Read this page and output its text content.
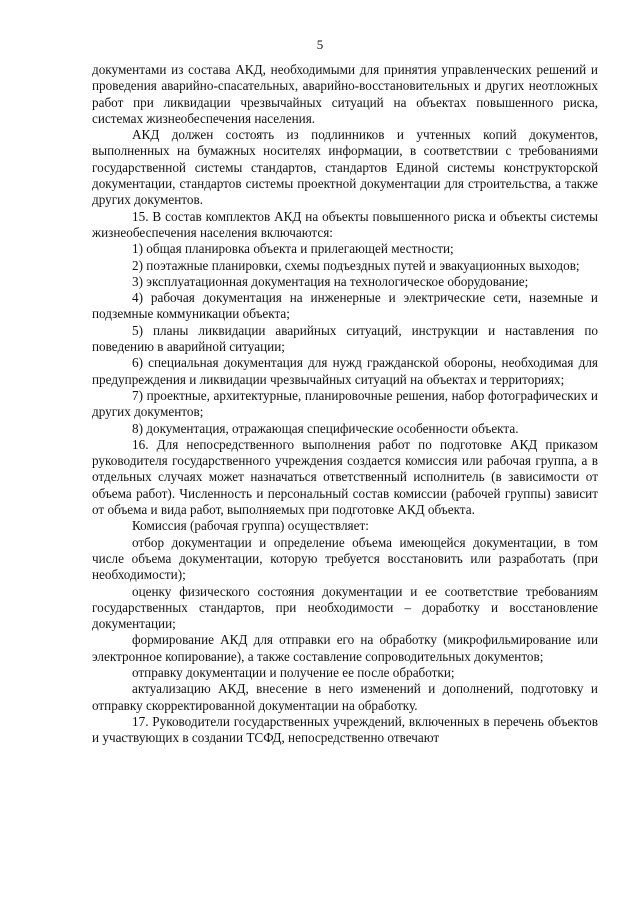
5

документами из состава АКД, необходимыми для принятия управленческих решений и проведения аварийно-спасательных, аварийно-восстановительных и других неотложных работ при ликвидации чрезвычайных ситуаций на объектах повышенного риска, системах жизнеобеспечения населения.

АКД должен состоять из подлинников и учтенных копий документов, выполненных на бумажных носителях информации, в соответствии с требованиями государственной системы стандартов, стандартов Единой системы конструкторской документации, стандартов системы проектной документации для строительства, а также других документов.

15. В состав комплектов АКД на объекты повышенного риска и объекты системы жизнеобеспечения населения включаются:

1) общая планировка объекта и прилегающей местности;

2) поэтажные планировки, схемы подъездных путей и эвакуационных выходов;

3) эксплуатационная документация на технологическое оборудование;

4) рабочая документация на инженерные и электрические сети, наземные и подземные коммуникации объекта;

5) планы ликвидации аварийных ситуаций, инструкции и наставления по поведению в аварийной ситуации;

6) специальная документация для нужд гражданской обороны, необходимая для предупреждения и ликвидации чрезвычайных ситуаций на объектах и территориях;

7) проектные, архитектурные, планировочные решения, набор фотографических и других документов;

8) документация, отражающая специфические особенности объекта.

16. Для непосредственного выполнения работ по подготовке АКД приказом руководителя государственного учреждения создается комиссия или рабочая группа, а в отдельных случаях может назначаться ответственный исполнитель (в зависимости от объема работ). Численность и персональный состав комиссии (рабочей группы) зависит от объема и вида работ, выполняемых при подготовке АКД объекта.

Комиссия (рабочая группа) осуществляет:

отбор документации и определение объема имеющейся документации, в том числе объема документации, которую требуется восстановить или разработать (при необходимости);

оценку физического состояния документации и ее соответствие требованиям государственных стандартов, при необходимости – доработку и восстановление документации;

формирование АКД для отправки его на обработку (микрофильмирование или электронное копирование), а также составление сопроводительных документов;

отправку документации и получение ее после обработки;

актуализацию АКД, внесение в него изменений и дополнений, подготовку и отправку скорректированной документации на обработку.

17. Руководители государственных учреждений, включенных в перечень объектов и участвующих в создании ТСФД, непосредственно отвечают
